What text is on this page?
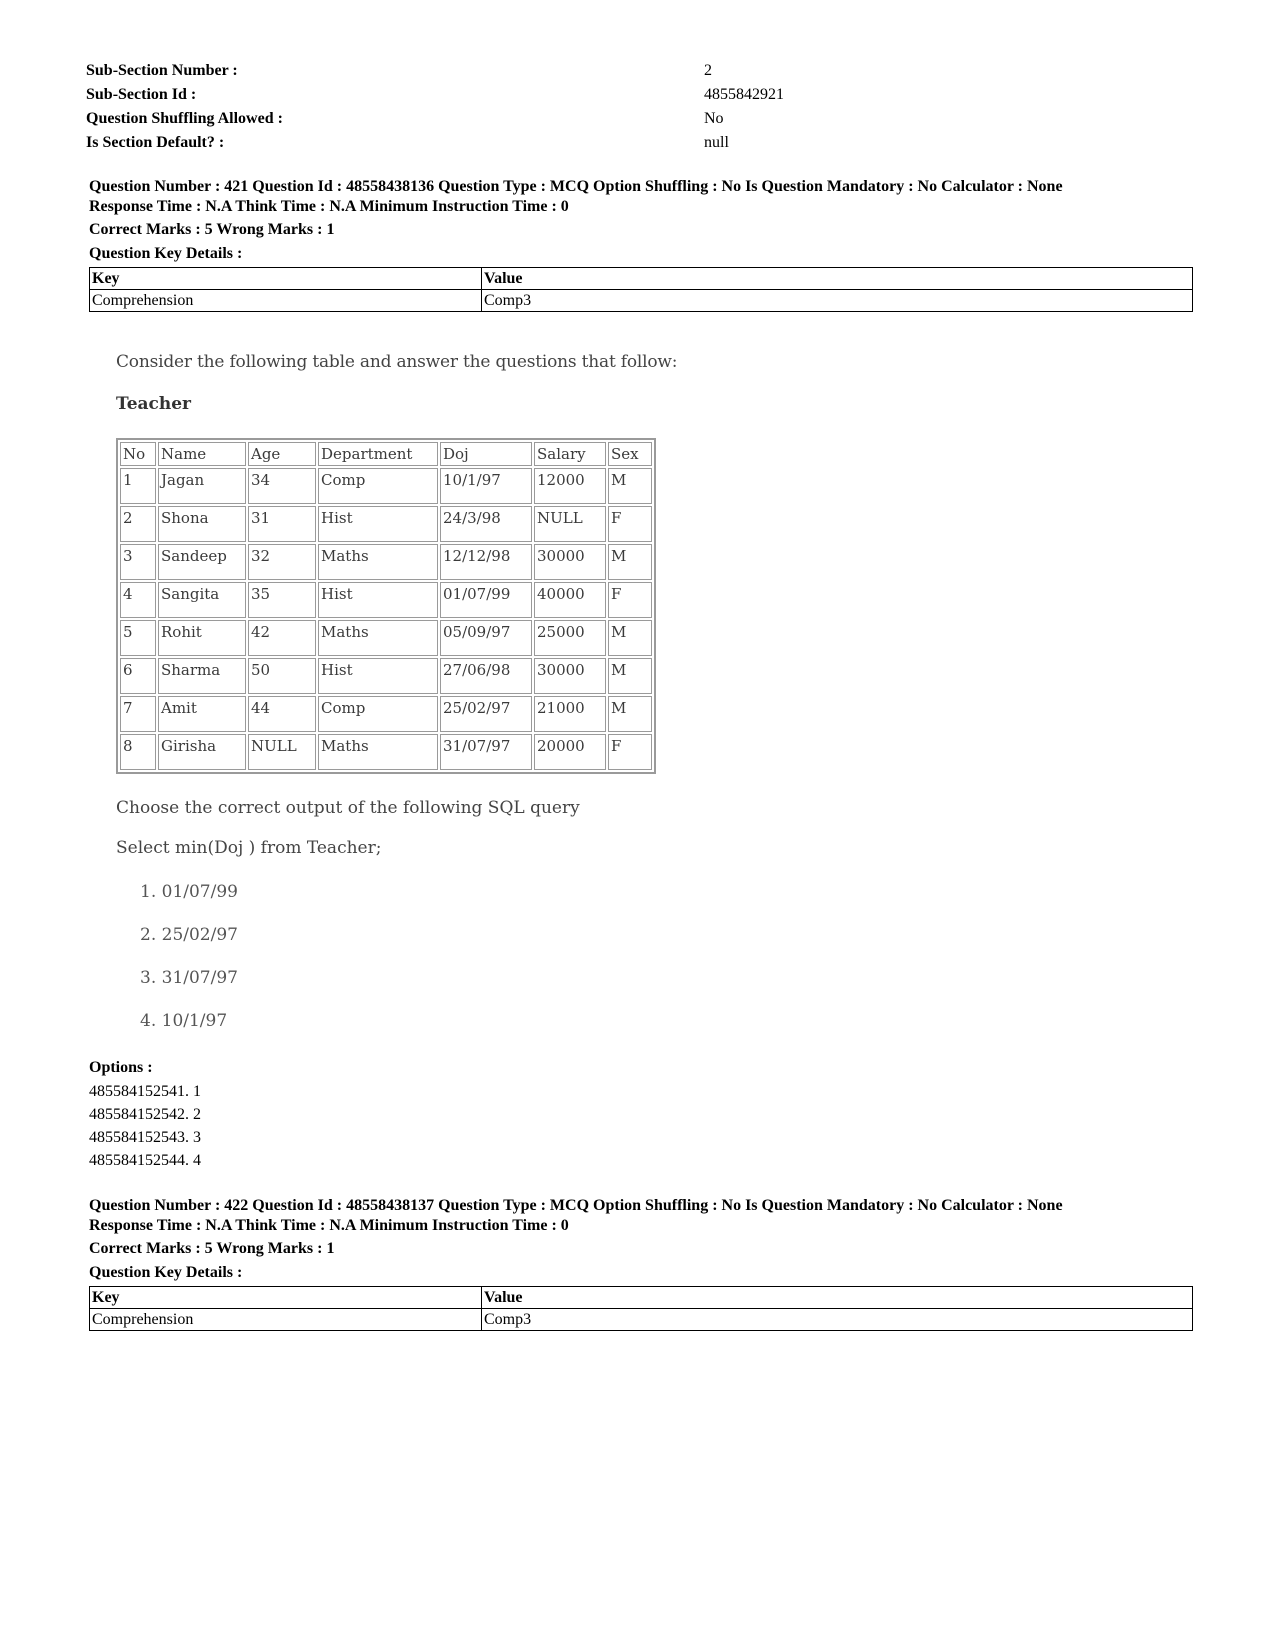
Sub-Section Number :	2
Sub-Section Id :	4855842921
Question Shuffling Allowed :	No
Is Section Default? :	null
Question Number : 421 Question Id : 48558438136 Question Type : MCQ Option Shuffling : No Is Question Mandatory : No Calculator : None
Response Time : N.A Think Time : N.A Minimum Instruction Time : 0
Correct Marks : 5 Wrong Marks : 1
Question Key Details :
Key	Value
Comprehension	Comp3
Consider the following table and answer the questions that follow:
Teacher
No	Name	Age	Department	Doj	Salary	Sex
1	Jagan	34	Comp	10/1/97	12000	M
2	Shona	31	Hist	24/3/98	NULL	F
3	Sandeep	32	Maths	12/12/98	30000	M
4	Sangita	35	Hist	01/07/99	40000	F
5	Rohit	42	Maths	05/09/97	25000	M
6	Sharma	50	Hist	27/06/98	30000	M
7	Amit	44	Comp	25/02/97	21000	M
8	Girisha	NULL	Maths	31/07/97	20000	F
Choose the correct output of the following SQL query
Select min(Doj ) from Teacher;
1. 01/07/99
2. 25/02/97
3. 31/07/97
4. 10/1/97
Options :
485584152541. 1
485584152542. 2
485584152543. 3
485584152544. 4
Question Number : 422 Question Id : 48558438137 Question Type : MCQ Option Shuffling : No Is Question Mandatory : No Calculator : None
Response Time : N.A Think Time : N.A Minimum Instruction Time : 0
Correct Marks : 5 Wrong Marks : 1
Question Key Details :
Key	Value
Comprehension	Comp3
